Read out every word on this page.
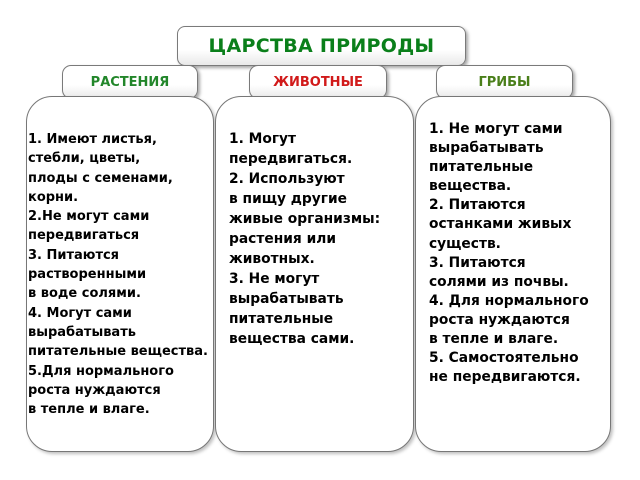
ЦАРСТВА ПРИРОДЫ
РАСТЕНИЯ	ЖИВОТНЫЕ	ГРИБЫ
1. Имеют листья,
стебли, цветы,
плоды с семенами,
корни.
2.Не могут сами
передвигаться
3. Питаются
растворенными
в воде солями.
4. Могут сами
вырабатывать
питательные вещества.
5.Для нормального
роста нуждаются
в тепле и влаге.
1. Могут
передвигаться.
2. Используют
в пищу другие
живые организмы:
растения или
животных.
3. Не могут
вырабатывать
питательные
вещества сами.
1. Не могут сами
вырабатывать
питательные
вещества.
2. Питаются
останками живых
существ.
3. Питаются
солями из почвы.
4. Для нормального
роста нуждаются
в тепле и влаге.
5. Самостоятельно
не передвигаются.
